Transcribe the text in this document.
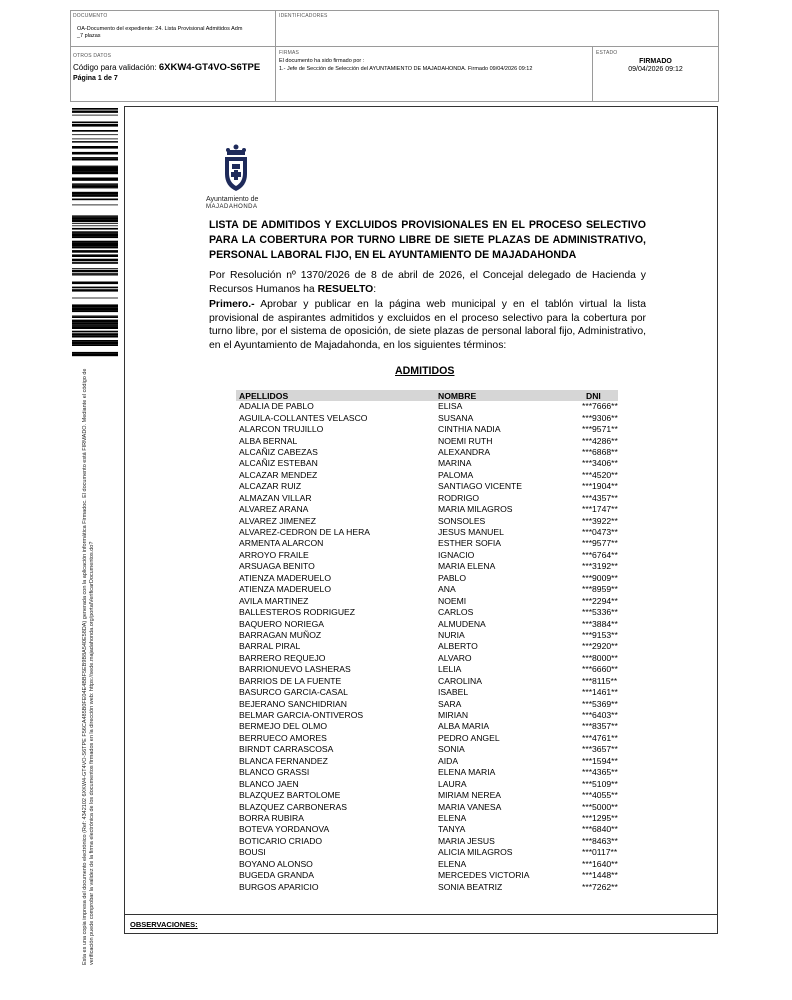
DOCUMENTO
OA-Documento del expediente: 24. Lista Provisional Admitidos Adm
_7 plazas
IDENTIFICADORES
OTROS DATOS
Código para validación: 6XKW4-GT4VO-S6TPE
Página 1 de 7
FIRMAS
El documento ha sido firmado por :
1.- Jefe de Sección de Selección del AYUNTAMIENTO DE MAJADAHONDA. Firmado 09/04/2026 09:12
ESTADO
FIRMADO
09/04/2026 09:12
Esta es una copia impresa del documento electrónico (Ref: 4342102 6XKW4-GT4VO-S6TPE F56CA485B0FE04E4BBF5EB9B8A540E58DA) generada con la aplicación informática Firmadoc. El documento está FIRMADO. Mediante el código de verificación puede comprobar la validez de la firma electrónica de los documentos firmados en la dirección web: https://sede.majadahonda.org/portalVerificarDocumentos.do?
Ayuntamiento de
MAJADAHONDA
LISTA DE ADMITIDOS Y EXCLUIDOS PROVISIONALES EN EL PROCESO SELECTIVO PARA LA COBERTURA POR TURNO LIBRE DE SIETE PLAZAS DE ADMINISTRATIVO, PERSONAL LABORAL FIJO, EN EL AYUNTAMIENTO DE MAJADAHONDA
Por Resolución nº 1370/2026 de 8 de abril de 2026, el Concejal delegado de Hacienda y Recursos Humanos ha RESUELTO:
Primero.- Aprobar y publicar en la página web municipal y en el tablón virtual la lista provisional de aspirantes admitidos y excluidos en el proceso selectivo para la cobertura por turno libre, por el sistema de oposición, de siete plazas de personal laboral fijo, Administrativo, en el Ayuntamiento de Majadahonda, en los siguientes términos:
ADMITIDOS
APELLIDOS	NOMBRE	DNI
ADALIA DE PABLO	ELISA	***7666**
AGUILA-COLLANTES VELASCO	SUSANA	***9306**
ALARCON TRUJILLO	CINTHIA NADIA	***9571**
ALBA BERNAL	NOEMI RUTH	***4286**
ALCAÑIZ CABEZAS	ALEXANDRA	***6868**
ALCAÑIZ ESTEBAN	MARINA	***3406**
ALCAZAR MENDEZ	PALOMA	***4520**
ALCAZAR RUIZ	SANTIAGO VICENTE	***1904**
ALMAZAN VILLAR	RODRIGO	***4357**
ALVAREZ ARANA	MARIA MILAGROS	***1747**
ALVAREZ JIMENEZ	SONSOLES	***3922**
ALVAREZ-CEDRON DE LA HERA	JESUS MANUEL	***0473**
ARMENTA ALARCON	ESTHER SOFIA	***9577**
ARROYO FRAILE	IGNACIO	***6764**
ARSUAGA BENITO	MARIA ELENA	***3192**
ATIENZA MADERUELO	PABLO	***9009**
ATIENZA MADERUELO	ANA	***8959**
AVILA MARTINEZ	NOEMI	***2294**
BALLESTEROS RODRIGUEZ	CARLOS	***5336**
BAQUERO NORIEGA	ALMUDENA	***3884**
BARRAGAN MUÑOZ	NURIA	***9153**
BARRAL PIRAL	ALBERTO	***2920**
BARRERO REQUEJO	ALVARO	***8000**
BARRIONUEVO LASHERAS	LELIA	***6660**
BARRIOS DE LA FUENTE	CAROLINA	***8115**
BASURCO GARCIA-CASAL	ISABEL	***1461**
BEJERANO SANCHIDRIAN	SARA	***5369**
BELMAR GARCIA-ONTIVEROS	MIRIAN	***6403**
BERMEJO DEL OLMO	ALBA MARIA	***8357**
BERRUECO AMORES	PEDRO ANGEL	***4761**
BIRNDT CARRASCOSA	SONIA	***3657**
BLANCA FERNANDEZ	AIDA	***1594**
BLANCO GRASSI	ELENA MARIA	***4365**
BLANCO JAEN	LAURA	***5109**
BLAZQUEZ BARTOLOME	MIRIAM NEREA	***4055**
BLAZQUEZ CARBONERAS	MARIA VANESA	***5000**
BORRA RUBIRA	ELENA	***1295**
BOTEVA YORDANOVA	TANYA	***6840**
BOTICARIO CRIADO	MARIA JESUS	***8463**
BOUSI	ALICIA MILAGROS	***0117**
BOYANO ALONSO	ELENA	***1640**
BUGEDA GRANDA	MERCEDES VICTORIA	***1448**
BURGOS APARICIO	SONIA BEATRIZ	***7262**
OBSERVACIONES:
